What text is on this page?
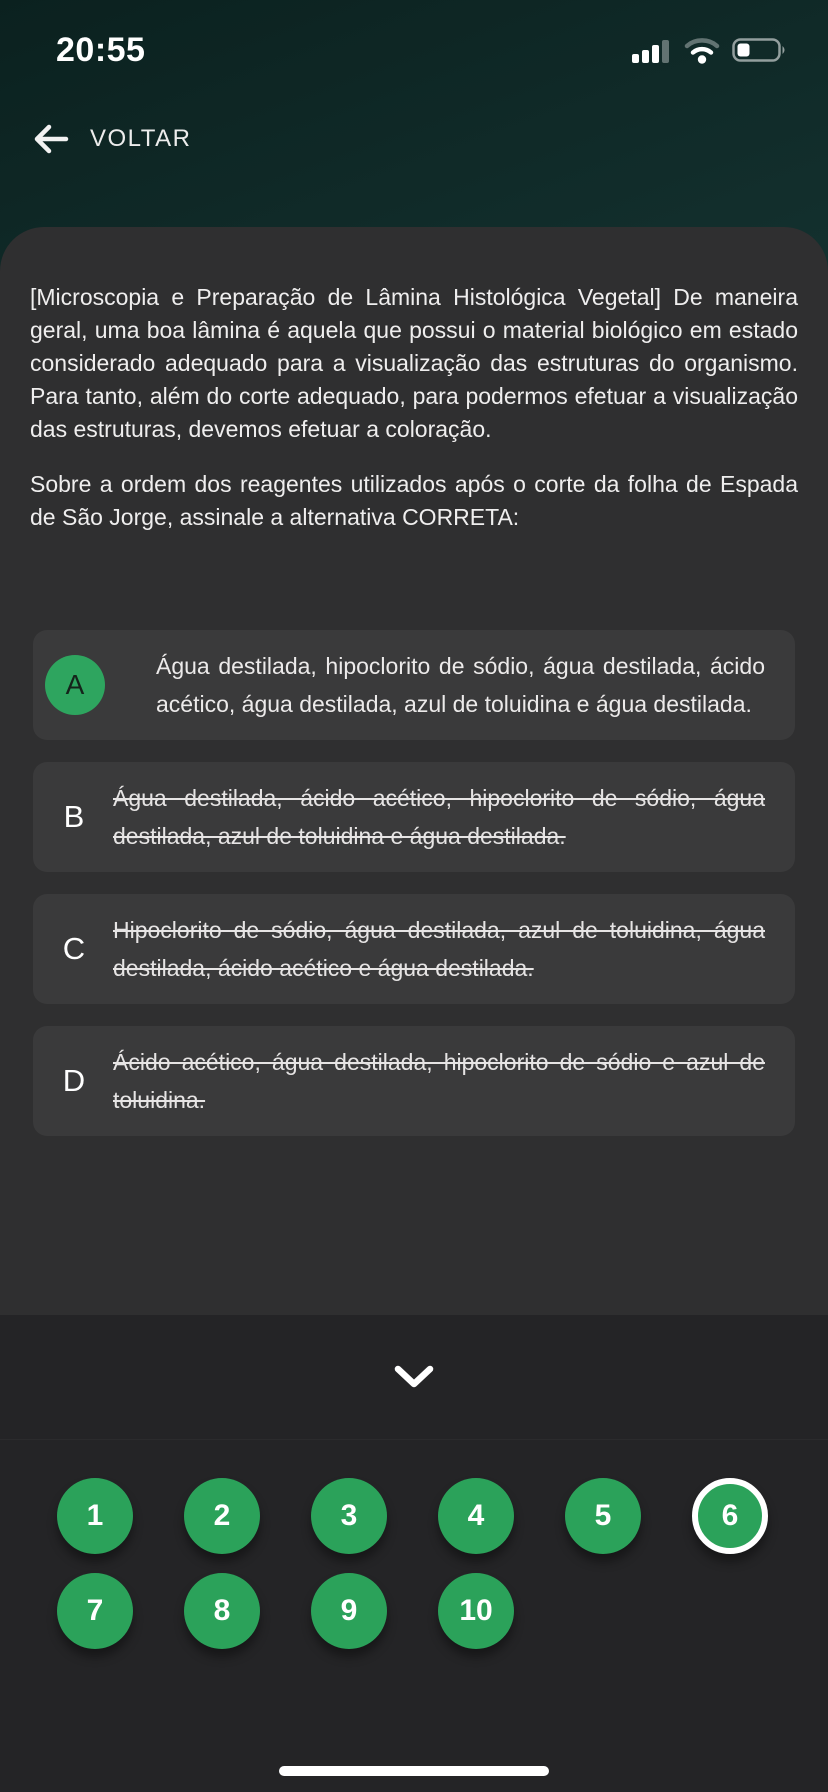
20:55
VOLTAR

[Microscopia e Preparação de Lâmina Histológica Vegetal] De maneira geral, uma boa lâmina é aquela que possui o material biológico em estado considerado adequado para a visualização das estruturas do organismo. Para tanto, além do corte adequado, para podermos efetuar a visualização das estruturas, devemos efetuar a coloração.

Sobre a ordem dos reagentes utilizados após o corte da folha de Espada de São Jorge, assinale a alternativa CORRETA:

A
Água destilada, hipoclorito de sódio, água destilada, ácido acético, água destilada, azul de toluidina e água destilada.
B
Água destilada, ácido acético, hipoclorito de sódio, água destilada, azul de toluidina e água destilada.
C
Hipoclorito de sódio, água destilada, azul de toluidina, água destilada, ácido acético e água destilada.
D
Ácido acético, água destilada, hipoclorito de sódio e azul de toluidina.
1	2	3	4	5	6
7	8	9	10
